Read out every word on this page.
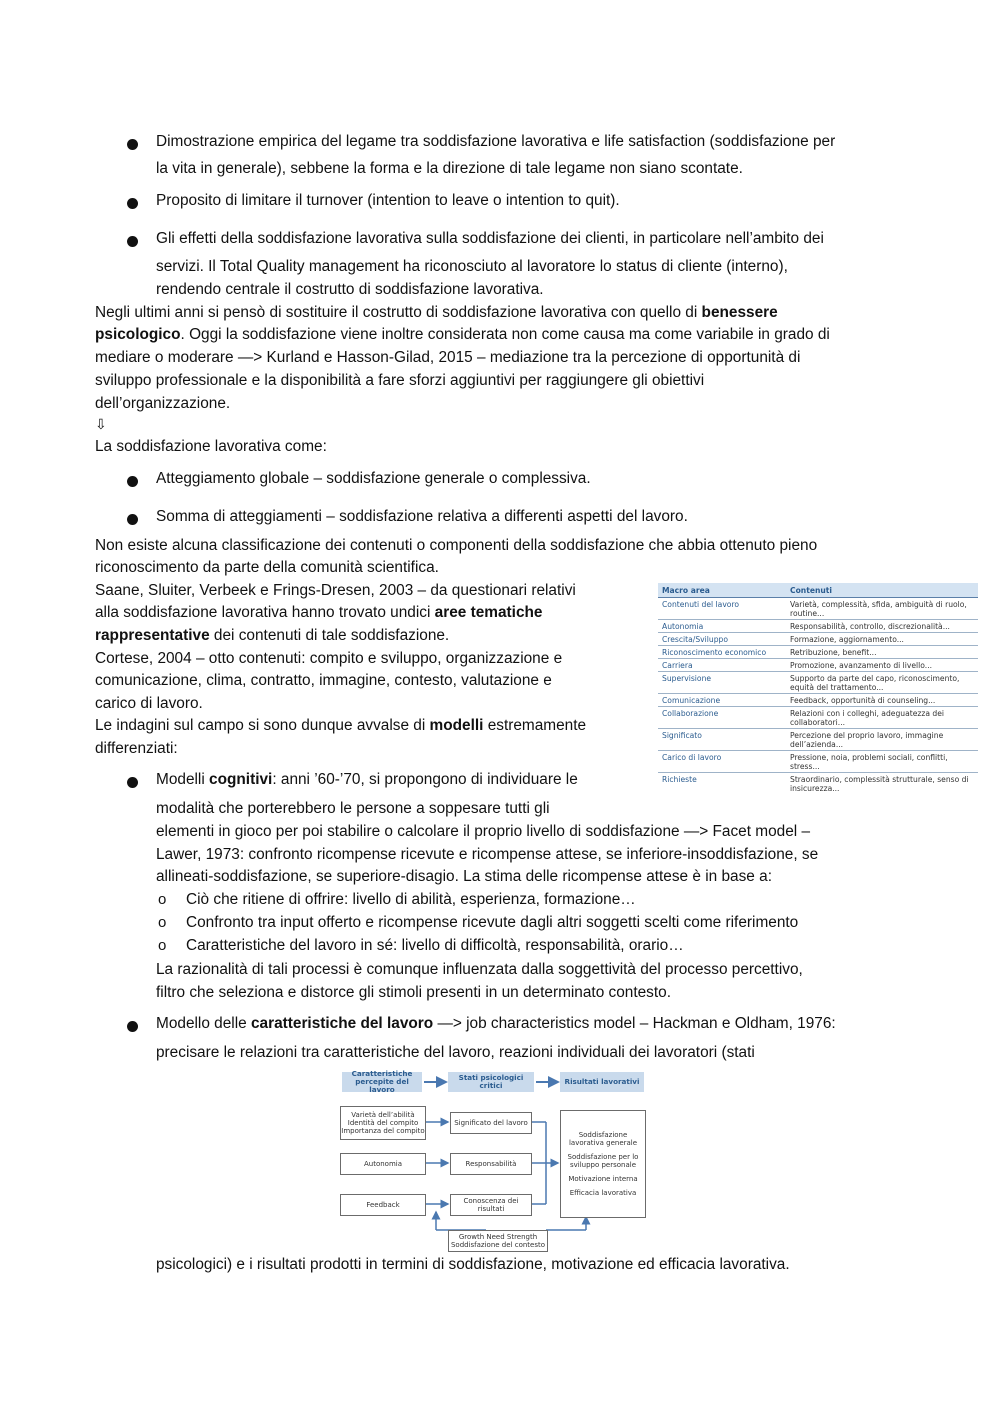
Dimostrazione empirica del legame tra soddisfazione lavorativa e life satisfaction (soddisfazione per
la vita in generale), sebbene la forma e la direzione di tale legame non siano scontate.
Proposito di limitare il turnover (intention to leave o intention to quit).
Gli effetti della soddisfazione lavorativa sulla soddisfazione dei clienti, in particolare nell’ambito dei
servizi. Il Total Quality management ha riconosciuto al lavoratore lo status di cliente (interno),
rendendo centrale il costrutto di soddisfazione lavorativa.
Negli ultimi anni si pensò di sostituire il costrutto di soddisfazione lavorativa con quello di benessere
psicologico. Oggi la soddisfazione viene inoltre considerata non come causa ma come variabile in grado di
mediare o moderare —> Kurland e Hasson-Gilad, 2015 – mediazione tra la percezione di opportunità di
sviluppo professionale e la disponibilità a fare sforzi aggiuntivi per raggiungere gli obiettivi
dell’organizzazione.
⇩
La soddisfazione lavorativa come:
Atteggiamento globale – soddisfazione generale o complessiva.
Somma di atteggiamenti – soddisfazione relativa a differenti aspetti del lavoro.
Non esiste alcuna classificazione dei contenuti o componenti della soddisfazione che abbia ottenuto pieno
riconoscimento da parte della comunità scientifica.
Saane, Sluiter, Verbeek e Frings-Dresen, 2003 – da questionari relativi
alla soddisfazione lavorativa hanno trovato undici aree tematiche
rappresentative dei contenuti di tale soddisfazione.
Cortese, 2004 – otto contenuti: compito e sviluppo, organizzazione e
comunicazione, clima, contratto, immagine, contesto, valutazione e
carico di lavoro.
Le indagini sul campo si sono dunque avvalse di modelli estremamente
differenziati:
Macro area	Contenuti
Contenuti del lavoro	Varietà, complessità, sfida, ambiguità di ruolo, routine...
Autonomia	Responsabilità, controllo, discrezionalità...
Crescita/Sviluppo	Formazione, aggiornamento...
Riconoscimento economico	Retribuzione, benefit...
Carriera	Promozione, avanzamento di livello...
Supervisione	Supporto da parte del capo, riconoscimento, equità del trattamento...
Comunicazione	Feedback, opportunità di counseling...
Collaborazione	Relazioni con i colleghi, adeguatezza dei collaboratori...
Significato	Percezione del proprio lavoro, immagine dell’azienda...
Carico di lavoro	Pressione, noia, problemi sociali, conflitti, stress...
Richieste	Straordinario, complessità strutturale, senso di insicurezza...
Modelli cognitivi: anni ’60-’70, si propongono di individuare le
modalità che porterebbero le persone a soppesare tutti gli
elementi in gioco per poi stabilire o calcolare il proprio livello di soddisfazione —> Facet model –
Lawer, 1973: confronto ricompense ricevute e ricompense attese, se inferiore-insoddisfazione, se
allineati-soddisfazione, se superiore-disagio. La stima delle ricompense attese è in base a:
o Ciò che ritiene di offrire: livello di abilità, esperienza, formazione…
o Confronto tra input offerto e ricompense ricevute dagli altri soggetti scelti come riferimento
o Caratteristiche del lavoro in sé: livello di difficoltà, responsabilità, orario…
La razionalità di tali processi è comunque influenzata dalla soggettività del processo percettivo,
filtro che seleziona e distorce gli stimoli presenti in un determinato contesto.
Modello delle caratteristiche del lavoro —> job characteristics model – Hackman e Oldham, 1976:
precisare le relazioni tra caratteristiche del lavoro, reazioni individuali dei lavoratori (stati
Caratteristiche percepite del lavoro
Stati psicologici critici	Risultati lavorativi
Varietà dell’abilità Identità del compito Importanza del compito
Autonomia
Feedback
Significato del lavoro
Responsabilità
Conoscenza dei risultati
Soddisfazione lavorativa generale
Soddisfazione per lo sviluppo personale
Motivazione interna
Efficacia lavorativa
Growth Need Strength Soddisfazione del contesto
psicologici) e i risultati prodotti in termini di soddisfazione, motivazione ed efficacia lavorativa.
